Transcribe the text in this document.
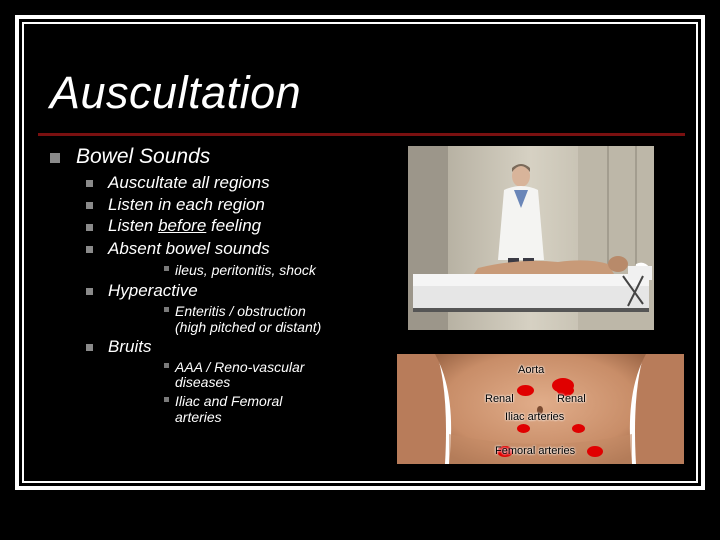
Auscultation
Bowel Sounds
Auscultate all regions
Listen in each region
Listen before feeling
Absent bowel sounds
ileus, peritonitis, shock
Hyperactive
Enteritis / obstruction
(high pitched or distant)
Bruits
AAA / Reno-vascular
diseases
Iliac and Femoral
arteries
Aorta
Renal	Renal
Iliac arteries
Femoral arteries
